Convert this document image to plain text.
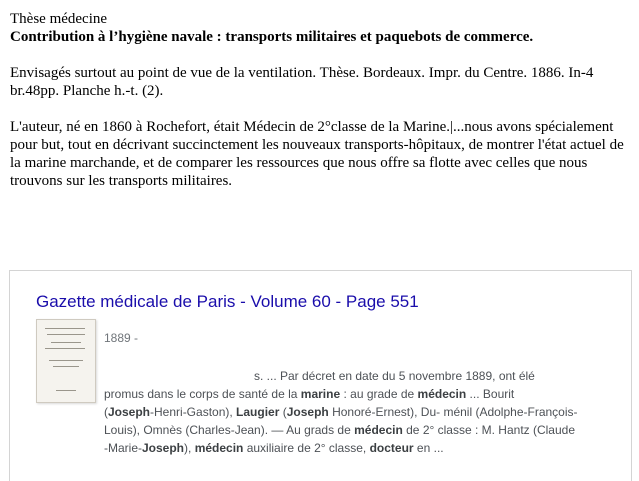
Thèse médecine

Contribution à l’hygiène navale : transports militaires et paquebots de commerce.

Envisagés surtout au point de vue de la ventilation. Thèse. Bordeaux. Impr. du Centre. 1886. In-4 br.48pp. Planche h.-t. (2).

L'auteur, né en 1860 à Rochefort, était Médecin de 2°classe de la Marine.|...nous avons spécialement pour but, tout en décrivant succinctement les nouveaux transports-hôpitaux, de montrer l'état actuel de la marine marchande, et de comparer les ressources que nous offre sa flotte avec celles que nous trouvons sur les transports militaires.

Gazette médicale de Paris - Volume 60 - Page 551
1889 -
s. ... Par décret en date du 5 novembre 1889, ont élé
promus dans le corps de santé de la marine : au grade de médecin ... Bourit
(Joseph-Henri-Gaston), Laugier (Joseph Honoré-Ernest), Du- ménil (Adolphe-François-
Louis), Omnès (Charles-Jean). — Au grads de médecin de 2° classe : M. Hantz (Claude
-Marie-Joseph), médecin auxiliaire de 2° classe, docteur en ...
